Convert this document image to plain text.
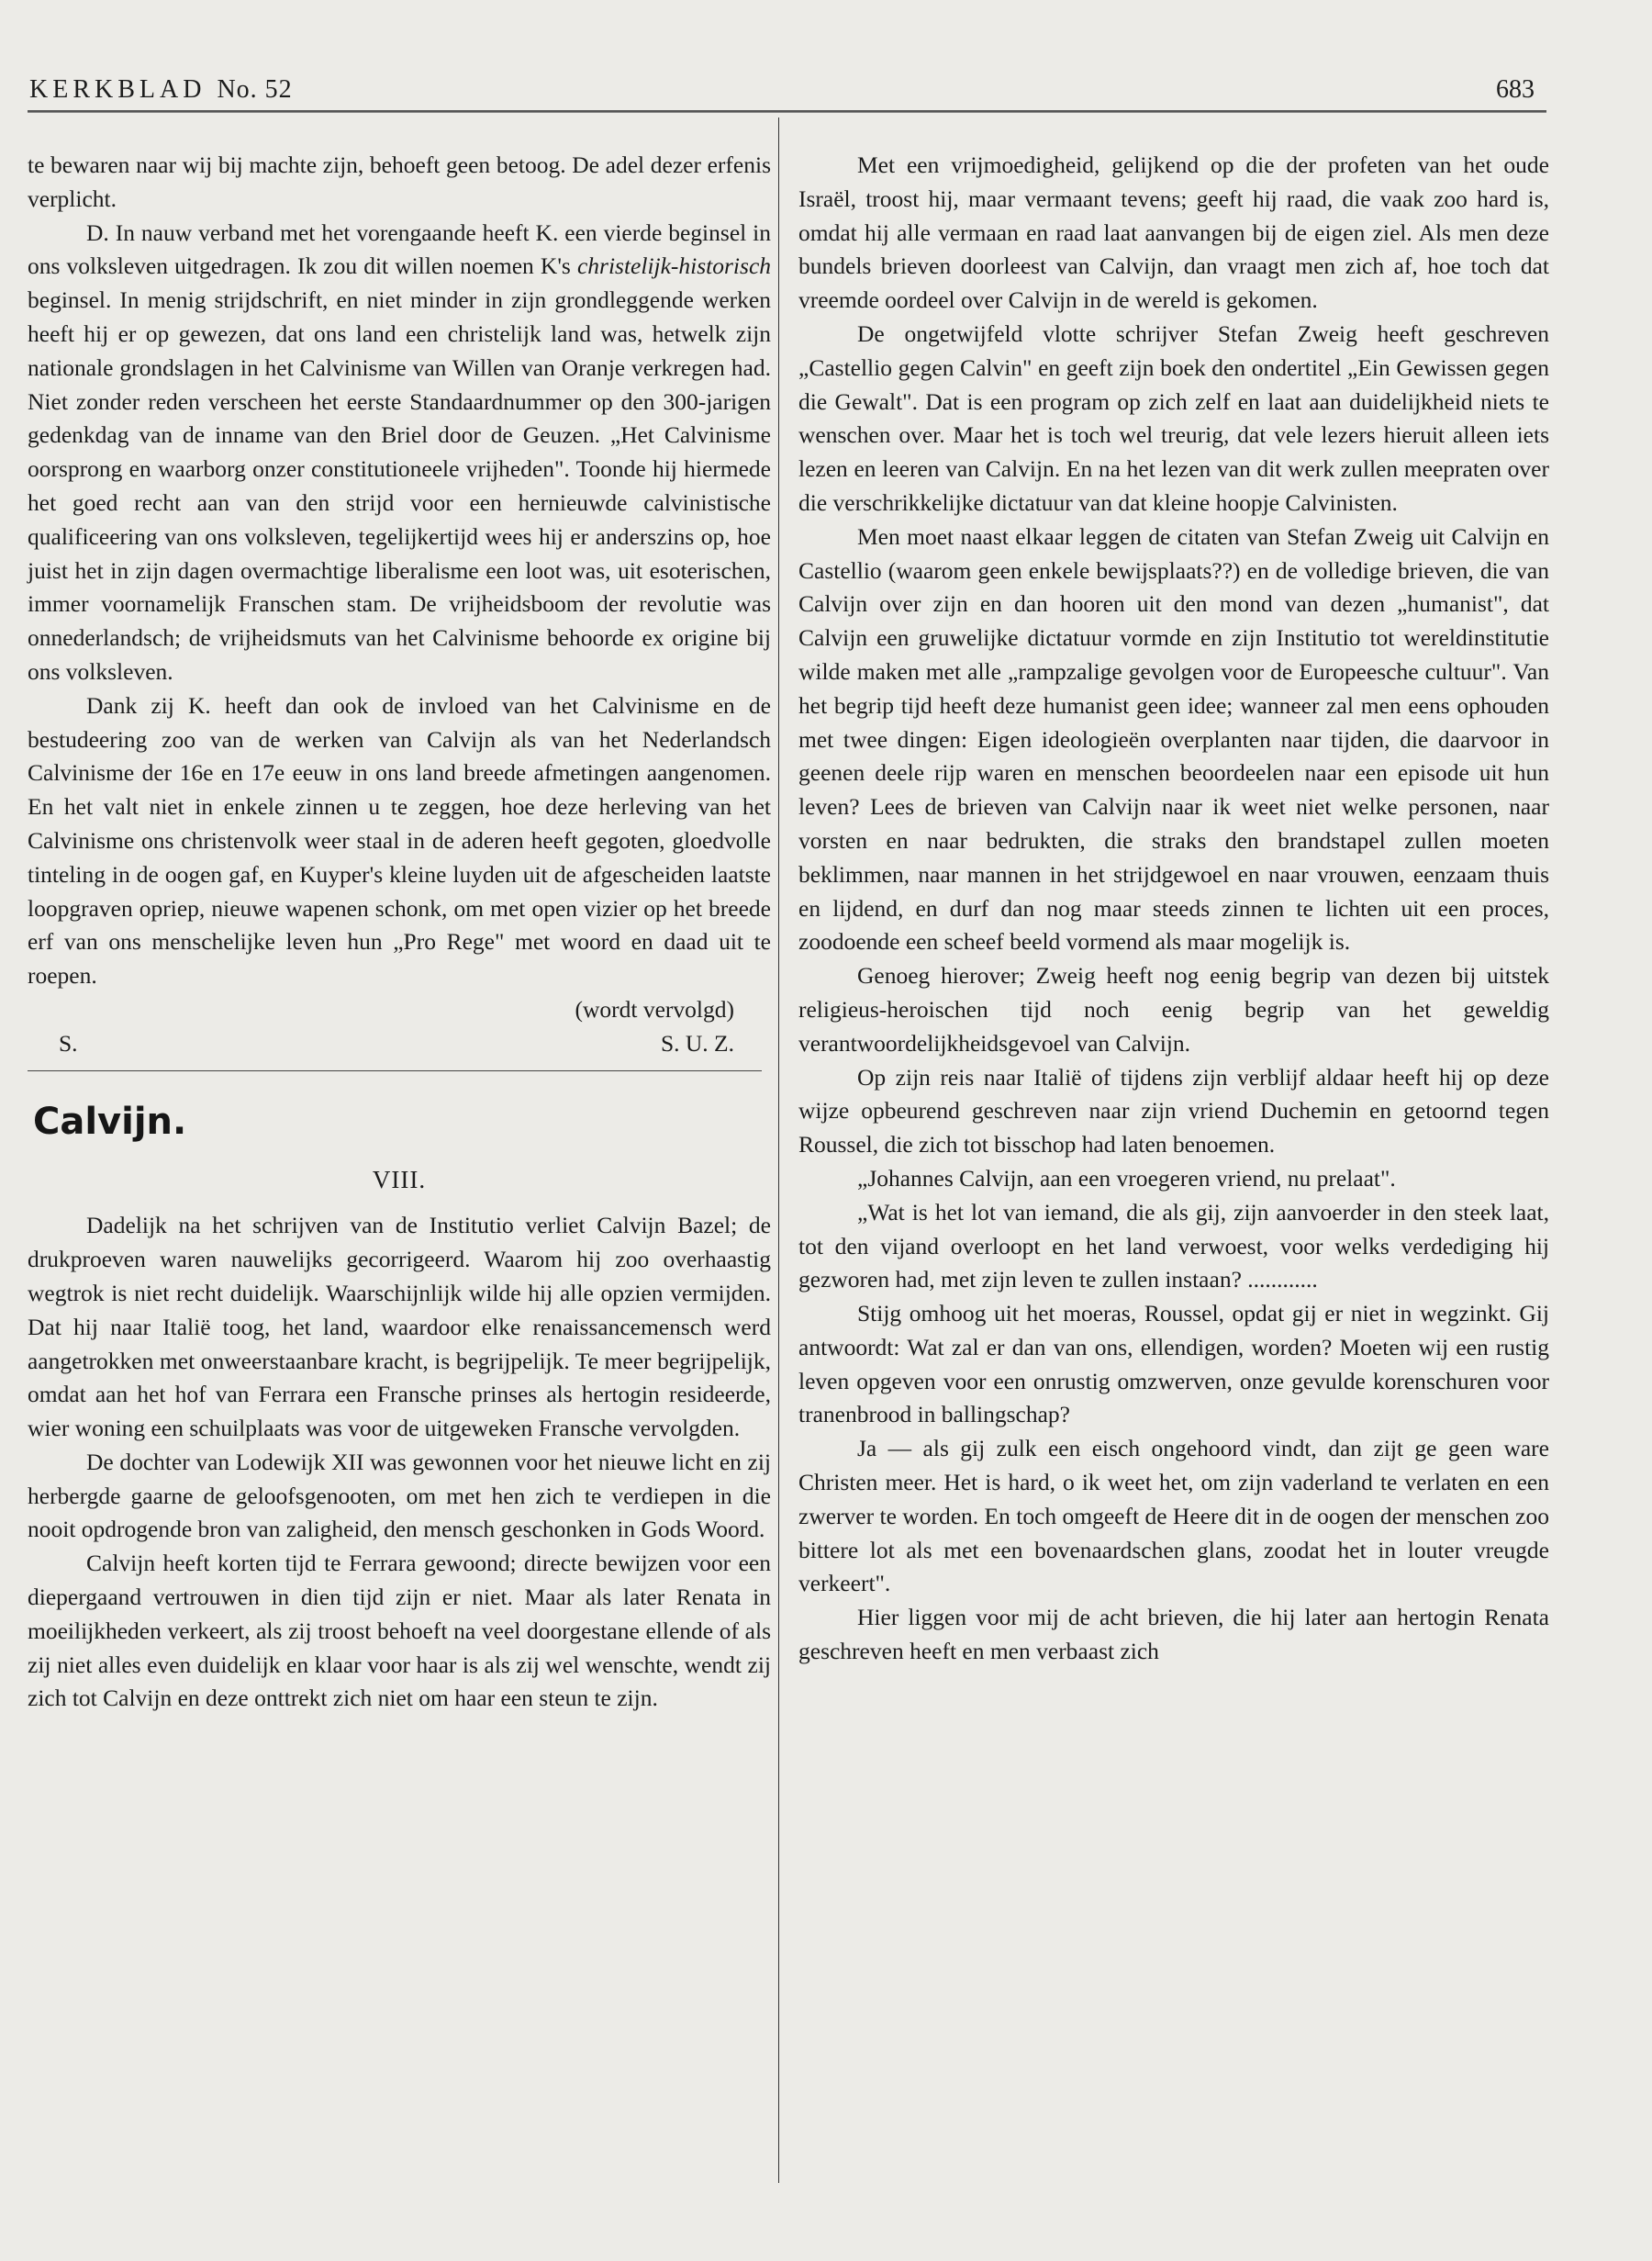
KERKBLAD No. 52	683

te bewaren naar wij bij machte zijn, behoeft geen betoog. De adel dezer erfenis verplicht.

D. In nauw verband met het vorengaande heeft K. een vierde beginsel in ons volksleven uitgedragen. Ik zou dit willen noemen K's christelijk-historisch beginsel. In menig strijdschrift, en niet minder in zijn grondleggende werken heeft hij er op gewezen, dat ons land een christelijk land was, hetwelk zijn nationale grondslagen in het Calvinisme van Willen van Oranje verkregen had. Niet zonder reden verscheen het eerste Standaardnummer op den 300-jarigen gedenkdag van de inname van den Briel door de Geuzen. „Het Calvinisme oorsprong en waarborg onzer constitutioneele vrijheden". Toonde hij hiermede het goed recht aan van den strijd voor een hernieuwde calvinistische qualificeering van ons volksleven, tegelijkertijd wees hij er anderszins op, hoe juist het in zijn dagen overmachtige liberalisme een loot was, uit esoterischen, immer voornamelijk Franschen stam. De vrijheidsboom der revolutie was onnederlandsch; de vrijheidsmuts van het Calvinisme behoorde ex origine bij ons volksleven.

Dank zij K. heeft dan ook de invloed van het Calvinisme en de bestudeering zoo van de werken van Calvijn als van het Nederlandsch Calvinisme der 16e en 17e eeuw in ons land breede afmetingen aangenomen. En het valt niet in enkele zinnen u te zeggen, hoe deze herleving van het Calvinisme ons christenvolk weer staal in de aderen heeft gegoten, gloedvolle tinteling in de oogen gaf, en Kuyper's kleine luyden uit de afgescheiden laatste loopgraven opriep, nieuwe wapenen schonk, om met open vizier op het breede erf van ons menschelijke leven hun „Pro Rege" met woord en daad uit te roepen.

(wordt vervolgd)

S.	S. U. Z.
Calvijn.
VIII.

Dadelijk na het schrijven van de Institutio verliet Calvijn Bazel; de drukproeven waren nauwelijks gecorrigeerd. Waarom hij zoo overhaastig wegtrok is niet recht duidelijk. Waarschijnlijk wilde hij alle opzien vermijden. Dat hij naar Italië toog, het land, waardoor elke renaissancemensch werd aangetrokken met onweerstaanbare kracht, is begrijpelijk. Te meer begrijpelijk, omdat aan het hof van Ferrara een Fransche prinses als hertogin resideerde, wier woning een schuilplaats was voor de uitgeweken Fransche vervolgden.

De dochter van Lodewijk XII was gewonnen voor het nieuwe licht en zij herbergde gaarne de geloofsgenooten, om met hen zich te verdiepen in die nooit opdrogende bron van zaligheid, den mensch geschonken in Gods Woord.

Calvijn heeft korten tijd te Ferrara gewoond; directe bewijzen voor een diepergaand vertrouwen in dien tijd zijn er niet. Maar als later Renata in moeilijkheden verkeert, als zij troost behoeft na veel doorgestane ellende of als zij niet alles even duidelijk en klaar voor haar is als zij wel wenschte, wendt zij zich tot Calvijn en deze onttrekt zich niet om haar een steun te zijn.

Met een vrijmoedigheid, gelijkend op die der profeten van het oude Israël, troost hij, maar vermaant tevens; geeft hij raad, die vaak zoo hard is, omdat hij alle vermaan en raad laat aanvangen bij de eigen ziel. Als men deze bundels brieven doorleest van Calvijn, dan vraagt men zich af, hoe toch dat vreemde oordeel over Calvijn in de wereld is gekomen.

De ongetwijfeld vlotte schrijver Stefan Zweig heeft geschreven „Castellio gegen Calvin" en geeft zijn boek den ondertitel „Ein Gewissen gegen die Gewalt". Dat is een program op zich zelf en laat aan duidelijkheid niets te wenschen over. Maar het is toch wel treurig, dat vele lezers hieruit alleen iets lezen en leeren van Calvijn. En na het lezen van dit werk zullen meepraten over die verschrikkelijke dictatuur van dat kleine hoopje Calvinisten.

Men moet naast elkaar leggen de citaten van Stefan Zweig uit Calvijn en Castellio (waarom geen enkele bewijsplaats??) en de volledige brieven, die van Calvijn over zijn en dan hooren uit den mond van dezen „humanist", dat Calvijn een gruwelijke dictatuur vormde en zijn Institutio tot wereldinstitutie wilde maken met alle „rampzalige gevolgen voor de Europeesche cultuur". Van het begrip tijd heeft deze humanist geen idee; wanneer zal men eens ophouden met twee dingen: Eigen ideologieën overplanten naar tijden, die daarvoor in geenen deele rijp waren en menschen beoordeelen naar een episode uit hun leven? Lees de brieven van Calvijn naar ik weet niet welke personen, naar vorsten en naar bedrukten, die straks den brandstapel zullen moeten beklimmen, naar mannen in het strijdgewoel en naar vrouwen, eenzaam thuis en lijdend, en durf dan nog maar steeds zinnen te lichten uit een proces, zoodoende een scheef beeld vormend als maar mogelijk is.

Genoeg hierover; Zweig heeft nog eenig begrip van dezen bij uitstek religieus-heroischen tijd noch eenig begrip van het geweldig verantwoordelijkheidsgevoel van Calvijn.

Op zijn reis naar Italië of tijdens zijn verblijf aldaar heeft hij op deze wijze opbeurend geschreven naar zijn vriend Duchemin en getoornd tegen Roussel, die zich tot bisschop had laten benoemen.

„Johannes Calvijn, aan een vroegeren vriend, nu prelaat".

„Wat is het lot van iemand, die als gij, zijn aanvoerder in den steek laat, tot den vijand overloopt en het land verwoest, voor welks verdediging hij gezworen had, met zijn leven te zullen instaan? ............

Stijg omhoog uit het moeras, Roussel, opdat gij er niet in wegzinkt. Gij antwoordt: Wat zal er dan van ons, ellendigen, worden? Moeten wij een rustig leven opgeven voor een onrustig omzwerven, onze gevulde korenschuren voor tranenbrood in ballingschap?

Ja — als gij zulk een eisch ongehoord vindt, dan zijt ge geen ware Christen meer. Het is hard, o ik weet het, om zijn vaderland te verlaten en een zwerver te worden. En toch omgeeft de Heere dit in de oogen der menschen zoo bittere lot als met een bovenaardschen glans, zoodat het in louter vreugde verkeert".

Hier liggen voor mij de acht brieven, die hij later aan hertogin Renata geschreven heeft en men verbaast zich
